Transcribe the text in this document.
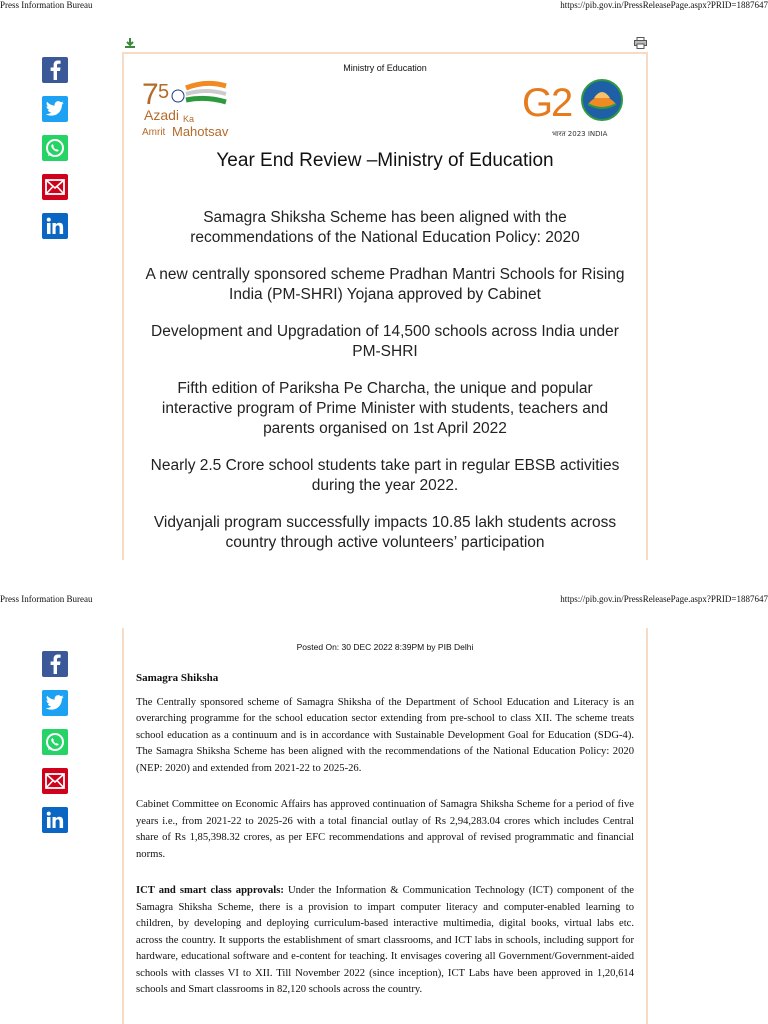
Press Information Bureau	https://pib.gov.in/PressReleasePage.aspx?PRID=1887647
Ministry of Education
7 5
Azadi Ka
Amrit Mahotsav
G
2
भारत 2023 INDIA
Year End Review –Ministry of Education

Samagra Shiksha Scheme has been aligned with the recommendations of the National Education Policy: 2020

A new centrally sponsored scheme Pradhan Mantri Schools for Rising India (PM-SHRI) Yojana approved by Cabinet

Development and Upgradation of 14,500 schools across India under PM-SHRI

Fifth edition of Pariksha Pe Charcha, the unique and popular interactive program of Prime Minister with students, teachers and parents organised on 1st April 2022

Nearly 2.5 Crore school students take part in regular EBSB activities during the year 2022.

Vidyanjali program successfully impacts 10.85 lakh students across country through active volunteers’ participation

Press Information Bureau	https://pib.gov.in/PressReleasePage.aspx?PRID=1887647
Posted On: 30 DEC 2022 8:39PM by PIB Delhi
Samagra Shiksha

The Centrally sponsored scheme of Samagra Shiksha of the Department of School Education and Literacy is an overarching programme for the school education sector extending from pre-school to class XII. The scheme treats school education as a continuum and is in accordance with Sustainable Development Goal for Education (SDG-4). The Samagra Shiksha Scheme has been aligned with the recommendations of the National Education Policy: 2020 (NEP: 2020) and extended from 2021-22 to 2025-26.

Cabinet Committee on Economic Affairs has approved continuation of Samagra Shiksha Scheme for a period of five years i.e., from 2021-22 to 2025-26 with a total financial outlay of Rs 2,94,283.04 crores which includes Central share of Rs 1,85,398.32 crores, as per EFC recommendations and approval of revised programmatic and financial norms.

ICT and smart class approvals: Under the Information & Communication Technology (ICT) component of the Samagra Shiksha Scheme, there is a provision to impart computer literacy and computer-enabled learning to children, by developing and deploying curriculum-based interactive multimedia, digital books, virtual labs etc. across the country. It supports the establishment of smart classrooms, and ICT labs in schools, including support for hardware, educational software and e-content for teaching. It envisages covering all Government/Government-aided schools with classes VI to XII. Till November 2022 (since inception), ICT Labs have been approved in 1,20,614 schools and Smart classrooms in 82,120 schools across the country.
